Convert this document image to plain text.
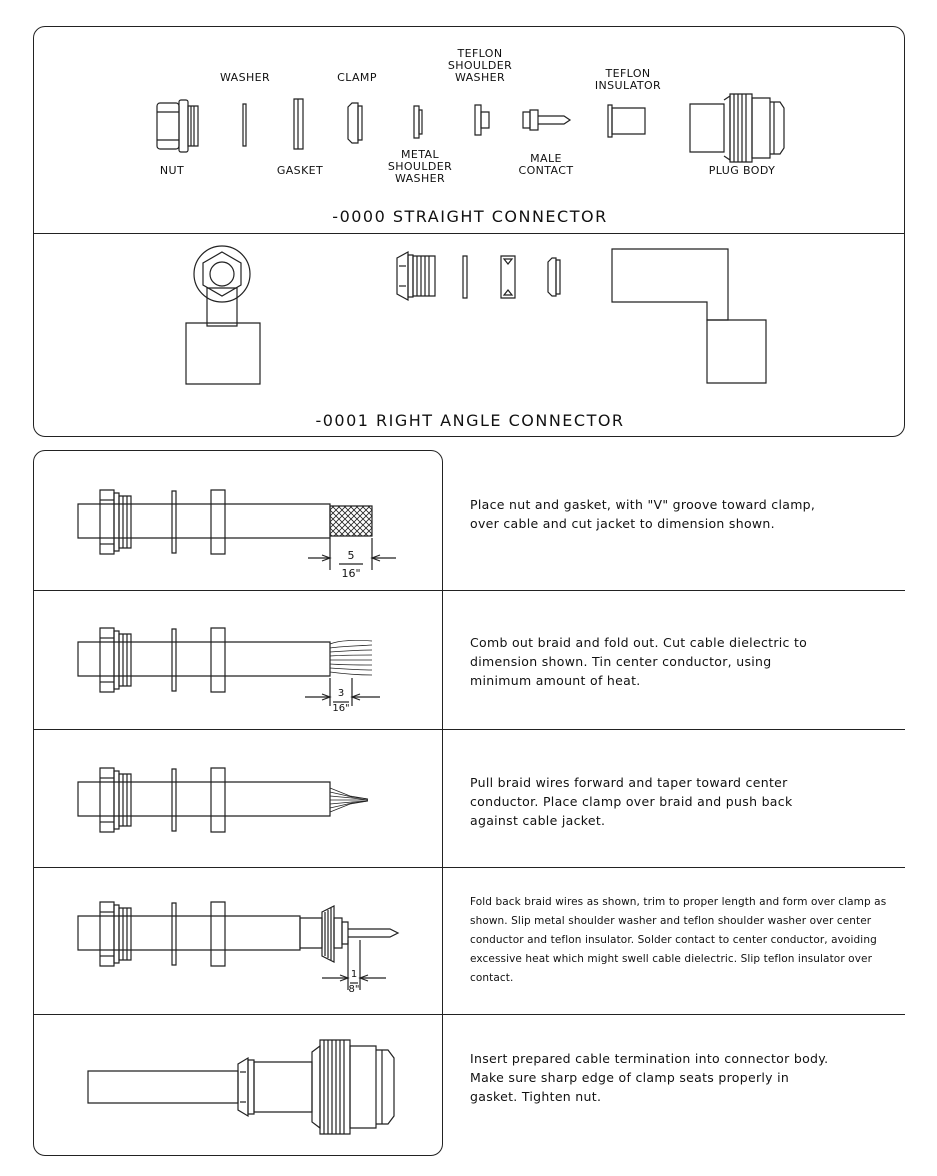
NUT
WASHER
GASKET
CLAMP
METAL
SHOULDER
WASHER
TEFLON
SHOULDER
WASHER
MALE
CONTACT
TEFLON
INSULATOR
PLUG BODY
-0000 STRAIGHT CONNECTOR
-0001 RIGHT ANGLE CONNECTOR
Place nut and gasket, with "V" groove toward clamp, over cable and cut jacket to dimension shown.
Comb out braid and fold out. Cut cable dielectric to dimension shown. Tin center conductor, using minimum amount of heat.
Pull braid wires forward and taper toward center conductor. Place clamp over braid and push back against cable jacket.
Fold back braid wires as shown, trim to proper length and form over clamp as shown. Slip metal shoulder washer and teflon shoulder washer over center conductor and teflon insulator. Solder contact to center conductor, avoiding excessive heat which might swell cable dielectric. Slip teflon insulator over contact.
Insert prepared cable termination into connector body. Make sure sharp edge of clamp seats properly in gasket. Tighten nut.
5
16"
3
16"
1
8"
